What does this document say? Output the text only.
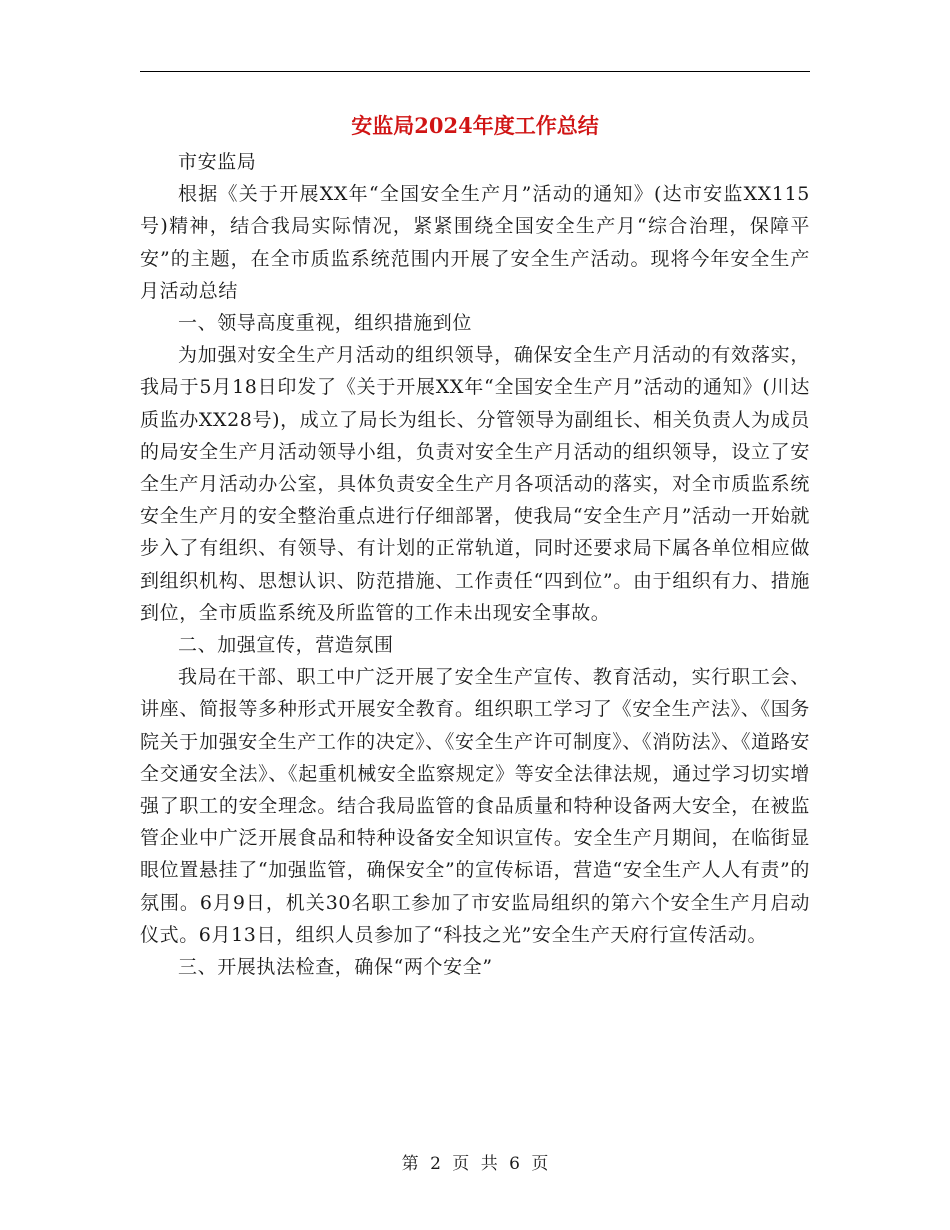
安监局2024年度工作总结

市安监局

根据《关于开展XX年“全国安全生产月”活动的通知》(达市安监XX115号)精神，结合我局实际情况，紧紧围绕全国安全生产月“综合治理，保障平安”的主题，在全市质监系统范围内开展了安全生产活动。现将今年安全生产月活动总结

一、领导高度重视，组织措施到位

为加强对安全生产月活动的组织领导，确保安全生产月活动的有效落实，我局于5月18日印发了《关于开展XX年“全国安全生产月”活动的通知》(川达质监办XX28号)，成立了局长为组长、分管领导为副组长、相关负责人为成员的局安全生产月活动领导小组，负责对安全生产月活动的组织领导，设立了安全生产月活动办公室，具体负责安全生产月各项活动的落实，对全市质监系统安全生产月的安全整治重点进行仔细部署，使我局“安全生产月”活动一开始就步入了有组织、有领导、有计划的正常轨道，同时还要求局下属各单位相应做到组织机构、思想认识、防范措施、工作责任“四到位”。由于组织有力、措施到位，全市质监系统及所监管的工作未出现安全事故。

二、加强宣传，营造氛围

我局在干部、职工中广泛开展了安全生产宣传、教育活动，实行职工会、讲座、简报等多种形式开展安全教育。组织职工学习了《安全生产法》、《国务院关于加强安全生产工作的决定》、《安全生产许可制度》、《消防法》、《道路安全交通安全法》、《起重机械安全监察规定》等安全法律法规，通过学习切实增强了职工的安全理念。结合我局监管的食品质量和特种设备两大安全，在被监管企业中广泛开展食品和特种设备安全知识宣传。安全生产月期间，在临街显眼位置悬挂了“加强监管，确保安全”的宣传标语，营造“安全生产人人有责”的氛围。6月9日，机关30名职工参加了市安监局组织的第六个安全生产月启动仪式。6月13日，组织人员参加了“科技之光”安全生产天府行宣传活动。

三、开展执法检查，确保“两个安全”

第 2 页 共 6 页
